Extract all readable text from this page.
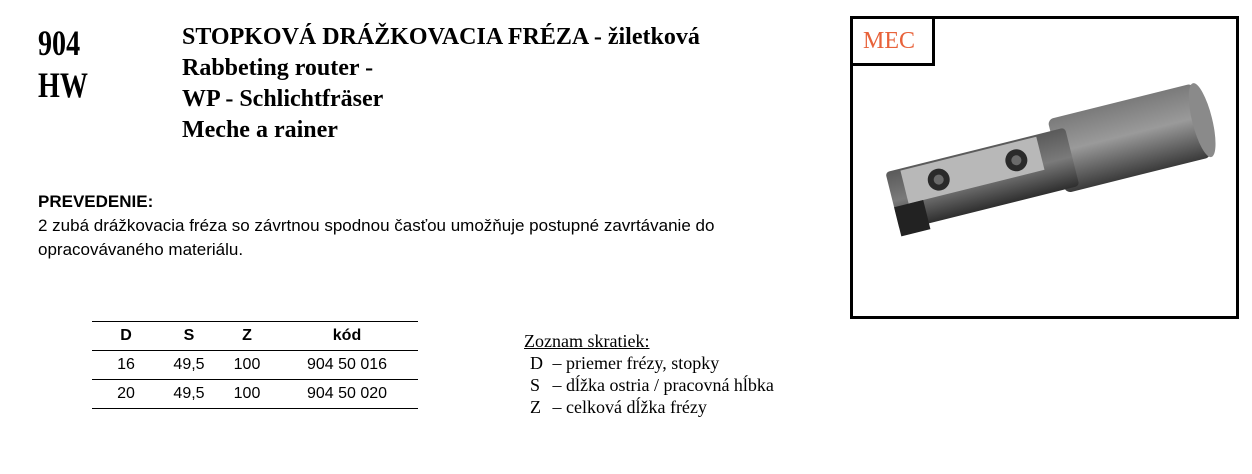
904
HW
STOPKOVÁ DRÁŽKOVACIA FRÉZA - žiletková
Rabbeting router -
WP - Schlichtfräser
Meche a rainer
PREVEDENIE:
2 zubá drážkovacia fréza so závrtnou spodnou časťou umožňuje postupné zavrtávanie do opracovávaného materiálu.
D	S	Z	kód
16	49,5	100	904 50 016
20	49,5	100	904 50 020
Zoznam skratiek:
D – priemer frézy, stopky
S – dĺžka ostria / pracovná hĺbka
Z – celková dĺžka frézy
MEC
